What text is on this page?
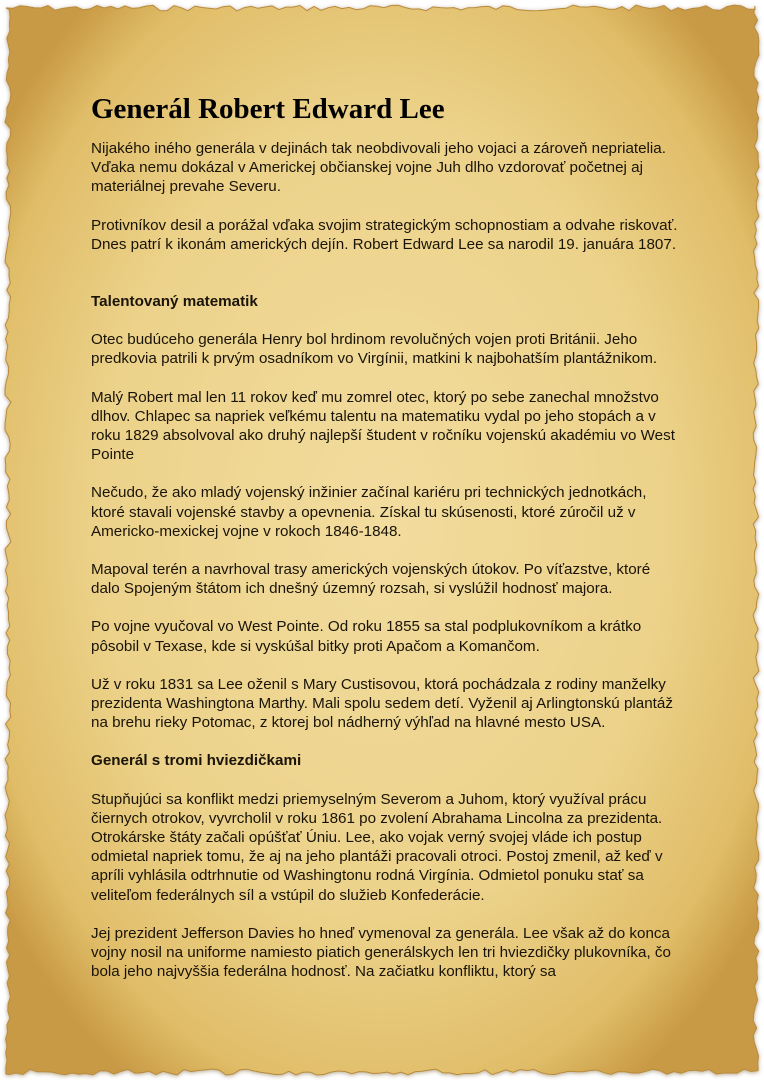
Generál Robert Edward Lee

Nijakého iného generála v dejinách tak neobdivovali jeho vojaci a zároveň nepriatelia. Vďaka nemu dokázal v Americkej občianskej vojne Juh dlho vzdorovať početnej aj materiálnej prevahe Severu.

Protivníkov desil a porážal vďaka svojim strategickým schopnostiam a odvahe riskovať. Dnes patrí k ikonám amerických dejín. Robert Edward Lee sa narodil 19. januára 1807.

Talentovaný matematik

Otec budúceho generála Henry bol hrdinom revolučných vojen proti Británii. Jeho predkovia patrili k prvým osadníkom vo Virgínii, matkini k najbohatším plantážnikom.

Malý Robert mal len 11 rokov keď mu zomrel otec, ktorý po sebe zanechal množstvo dlhov. Chlapec sa napriek veľkému talentu na matematiku vydal po jeho stopách a v roku 1829 absolvoval ako druhý najlepší študent v ročníku vojenskú akadémiu vo West Pointe

Nečudo, že ako mladý vojenský inžinier začínal kariéru pri technických jednotkách, ktoré stavali vojenské stavby a opevnenia. Získal tu skúsenosti, ktoré zúročil už v Americko-mexickej vojne v rokoch 1846-1848.

Mapoval terén a navrhoval trasy amerických vojenských útokov. Po víťazstve, ktoré dalo Spojeným štátom ich dnešný územný rozsah, si vyslúžil hodnosť majora.

Po vojne vyučoval vo West Pointe. Od roku 1855 sa stal podplukovníkom a krátko pôsobil v Texase, kde si vyskúšal bitky proti Apačom a Komančom.

Už v roku 1831 sa Lee oženil s Mary Custisovou, ktorá pochádzala z rodiny manželky prezidenta Washingtona Marthy. Mali spolu sedem detí. Vyženil aj Arlingtonskú plantáž na brehu rieky Potomac, z ktorej bol nádherný výhľad na hlavné mesto USA.

Generál s tromi hviezdičkami

Stupňujúci sa konflikt medzi priemyselným Severom a Juhom, ktorý využíval prácu čiernych otrokov, vyvrcholil v roku 1861 po zvolení Abrahama Lincolna za prezidenta. Otrokárske štáty začali opúšťať Úniu. Lee, ako vojak verný svojej vláde ich postup odmietal napriek tomu, že aj na jeho plantáži pracovali otroci. Postoj zmenil, až keď v apríli vyhlásila odtrhnutie od Washingtonu rodná Virgínia. Odmietol ponuku stať sa veliteľom federálnych síl a vstúpil do služieb Konfederácie.

Jej prezident Jefferson Davies ho hneď vymenoval za generála. Lee však až do konca vojny nosil na uniforme namiesto piatich generálskych len tri hviezdičky plukovníka, čo bola jeho najvyššia federálna hodnosť. Na začiatku konfliktu, ktorý sa
